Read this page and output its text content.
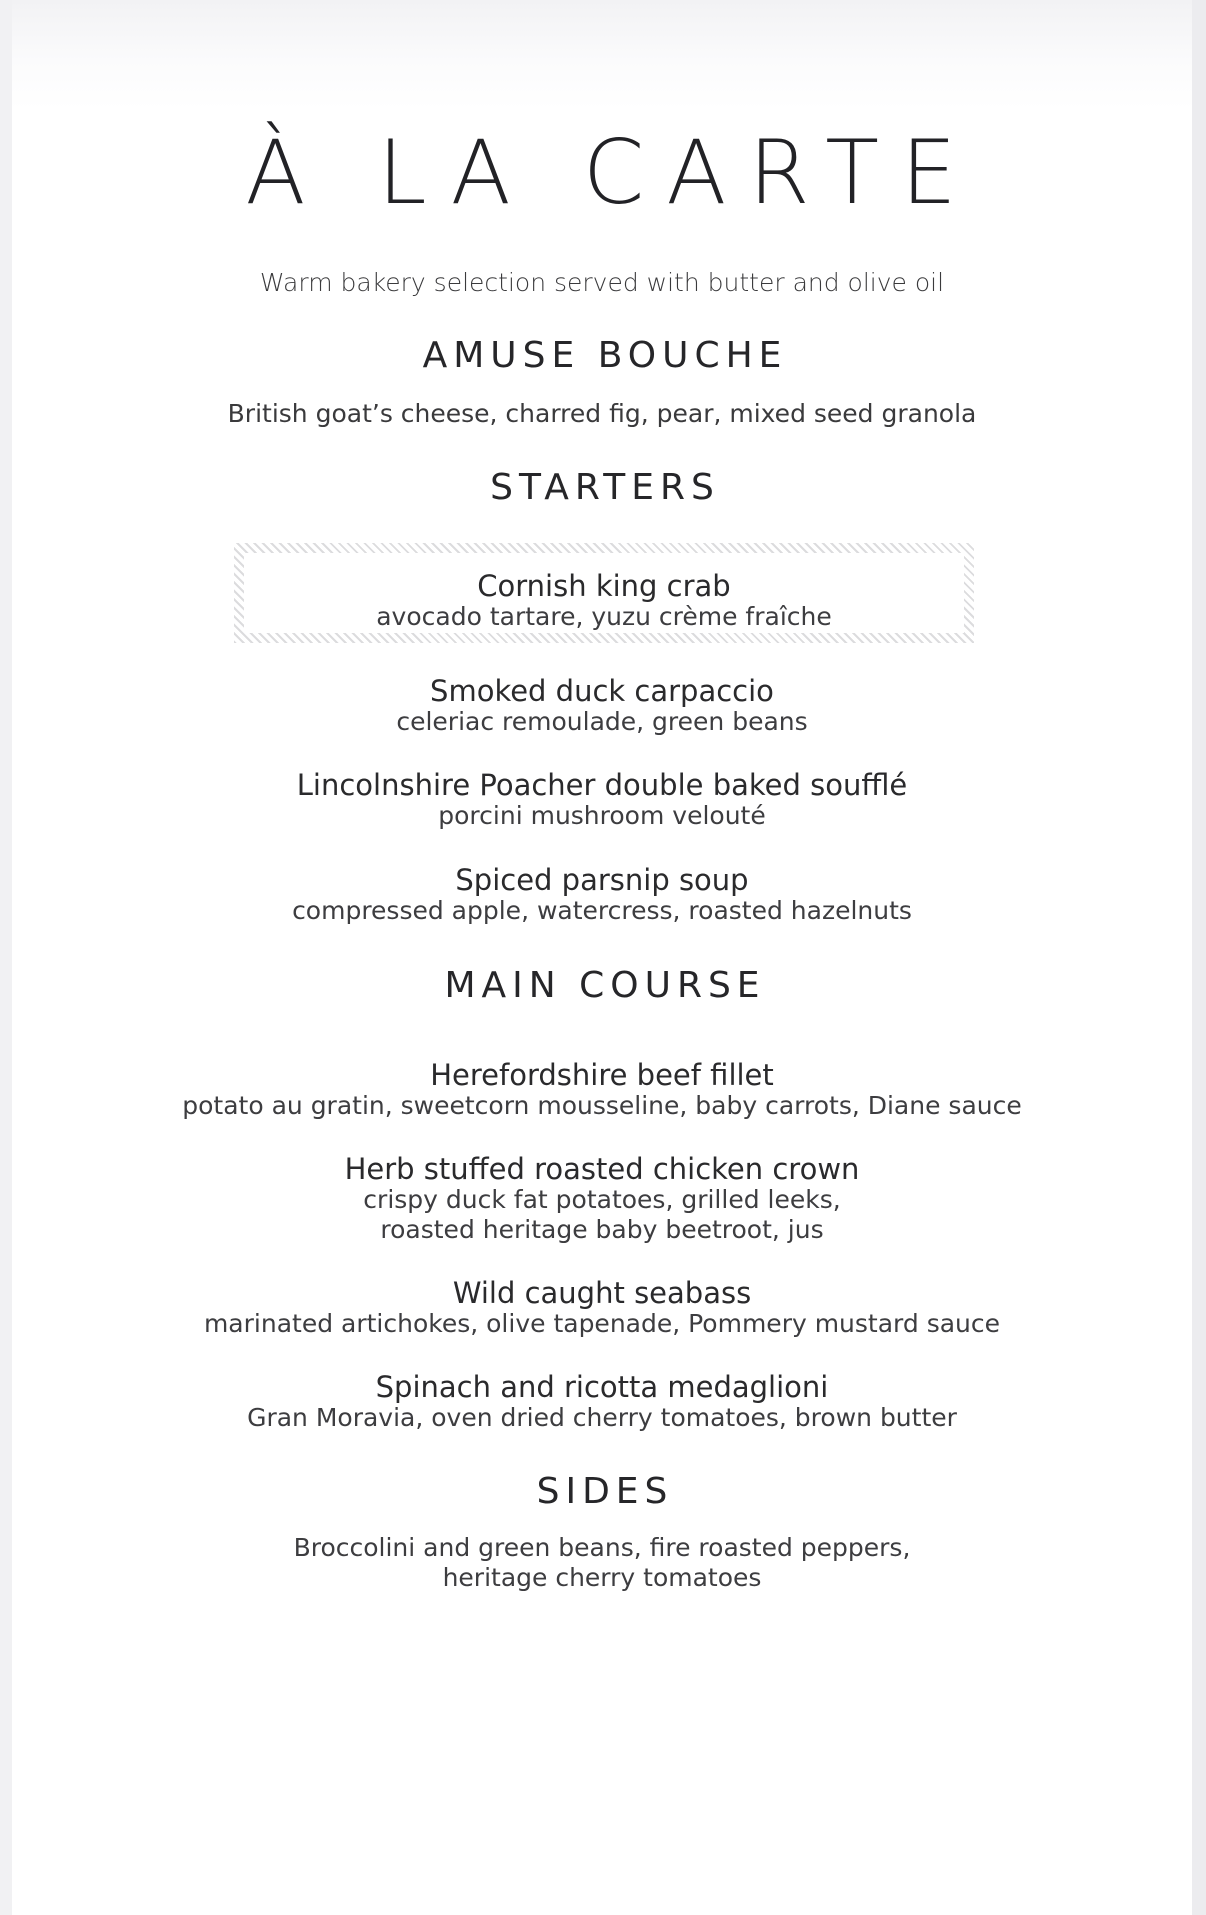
À LA CARTE
Warm bakery selection served with butter and olive oil
AMUSE BOUCHE
British goat’s cheese, charred fig, pear, mixed seed granola
STARTERS
Cornish king crab
avocado tartare, yuzu crème fraîche
Smoked duck carpaccio
celeriac remoulade, green beans
Lincolnshire Poacher double baked soufflé
porcini mushroom velouté
Spiced parsnip soup
compressed apple, watercress, roasted hazelnuts
MAIN COURSE
Herefordshire beef fillet
potato au gratin, sweetcorn mousseline, baby carrots, Diane sauce
Herb stuffed roasted chicken crown
crispy duck fat potatoes, grilled leeks,
roasted heritage baby beetroot, jus
Wild caught seabass
marinated artichokes, olive tapenade, Pommery mustard sauce
Spinach and ricotta medaglioni
Gran Moravia, oven dried cherry tomatoes, brown butter
SIDES
Broccolini and green beans, fire roasted peppers,
heritage cherry tomatoes
